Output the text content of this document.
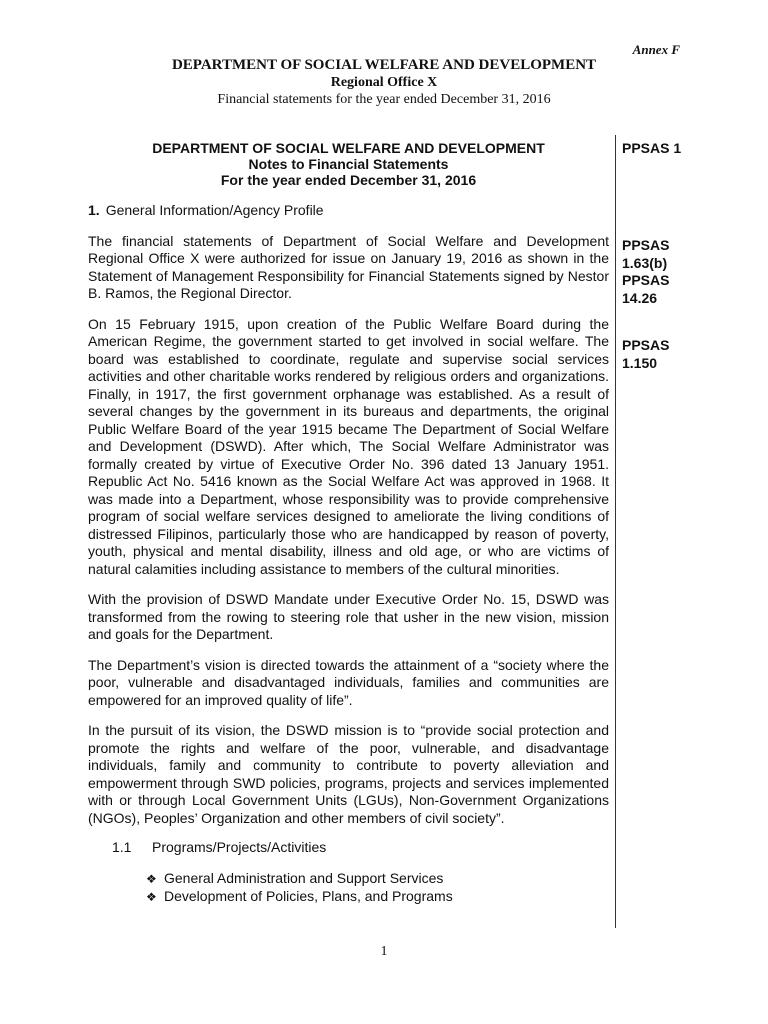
Annex F
DEPARTMENT OF SOCIAL WELFARE AND DEVELOPMENT
Regional Office X
Financial statements for the year ended December 31, 2016
PPSAS 1
PPSAS
1.63(b)
PPSAS
14.26
PPSAS
1.150
DEPARTMENT OF SOCIAL WELFARE AND DEVELOPMENT
Notes to Financial Statements
For the year ended December 31, 2016
1. General Information/Agency Profile

The financial statements of Department of Social Welfare and Development Regional Office X were authorized for issue on January 19, 2016 as shown in the Statement of Management Responsibility for Financial Statements signed by Nestor B. Ramos, the Regional Director.

On 15 February 1915, upon creation of the Public Welfare Board during the American Regime, the government started to get involved in social welfare. The board was established to coordinate, regulate and supervise social services activities and other charitable works rendered by religious orders and organizations. Finally, in 1917, the first government orphanage was established. As a result of several changes by the government in its bureaus and departments, the original Public Welfare Board of the year 1915 became The Department of Social Welfare and Development (DSWD). After which, The Social Welfare Administrator was formally created by virtue of Executive Order No. 396 dated 13 January 1951. Republic Act No. 5416 known as the Social Welfare Act was approved in 1968. It was made into a Department, whose responsibility was to provide comprehensive program of social welfare services designed to ameliorate the living conditions of distressed Filipinos, particularly those who are handicapped by reason of poverty, youth, physical and mental disability, illness and old age, or who are victims of natural calamities including assistance to members of the cultural minorities.

With the provision of DSWD Mandate under Executive Order No. 15, DSWD was transformed from the rowing to steering role that usher in the new vision, mission and goals for the Department.

The Department’s vision is directed towards the attainment of a “society where the poor, vulnerable and disadvantaged individuals, families and communities are empowered for an improved quality of life”.

In the pursuit of its vision, the DSWD mission is to “provide social protection and promote the rights and welfare of the poor, vulnerable, and disadvantage individuals, family and community to contribute to poverty alleviation and empowerment through SWD policies, programs, projects and services implemented with or through Local Government Units (LGUs), Non-Government Organizations (NGOs), Peoples’ Organization and other members of civil society”.

1.1 Programs/Projects/Activities
❖ General Administration and Support Services
❖ Development of Policies, Plans, and Programs
1
